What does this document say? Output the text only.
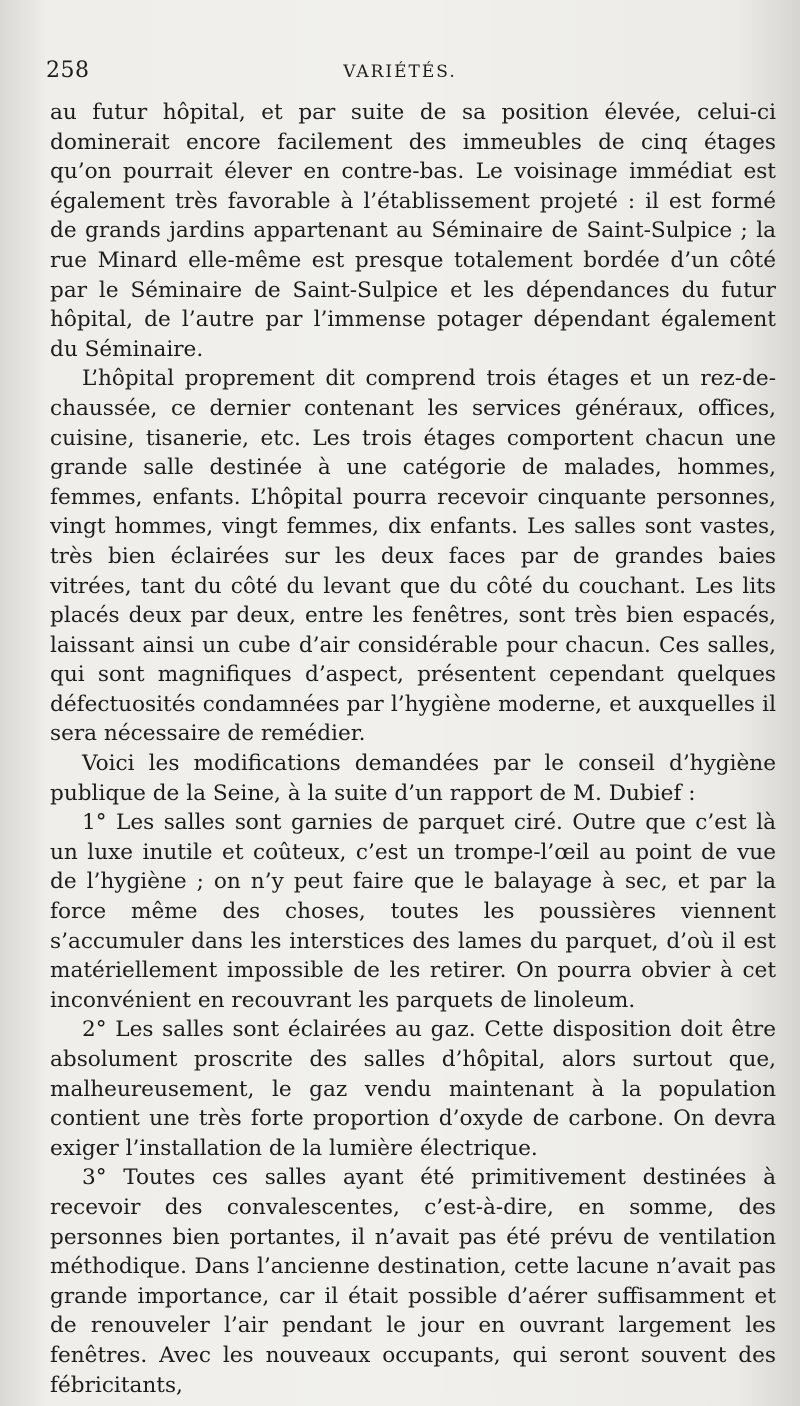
258	VARIÉTÉS.

au futur hôpital, et par suite de sa position élevée, celui-ci dominerait encore facilement des immeubles de cinq étages qu’on pourrait élever en contre-bas. Le voisinage immédiat est également très favorable à l’établissement projeté : il est formé de grands jardins appartenant au Séminaire de Saint-Sulpice ; la rue Minard elle-même est presque totalement bordée d’un côté par le Séminaire de Saint-Sulpice et les dépendances du futur hôpital, de l’autre par l’immense potager dépendant également du Séminaire.

L’hôpital proprement dit comprend trois étages et un rez-de-chaussée, ce dernier contenant les services généraux, offices, cuisine, tisanerie, etc. Les trois étages comportent chacun une grande salle destinée à une catégorie de malades, hommes, femmes, enfants. L’hôpital pourra recevoir cinquante personnes, vingt hommes, vingt femmes, dix enfants. Les salles sont vastes, très bien éclairées sur les deux faces par de grandes baies vitrées, tant du côté du levant que du côté du couchant. Les lits placés deux par deux, entre les fenêtres, sont très bien espacés, laissant ainsi un cube d’air considérable pour chacun. Ces salles, qui sont magnifiques d’aspect, présentent cependant quelques défectuosités condamnées par l’hygiène moderne, et auxquelles il sera nécessaire de remédier.

Voici les modifications demandées par le conseil d’hygiène publique de la Seine, à la suite d’un rapport de M. Dubief :

1° Les salles sont garnies de parquet ciré. Outre que c’est là un luxe inutile et coûteux, c’est un trompe-l’œil au point de vue de l’hygiène ; on n’y peut faire que le balayage à sec, et par la force même des choses, toutes les poussières viennent s’accumuler dans les interstices des lames du parquet, d’où il est matériellement impossible de les retirer. On pourra obvier à cet inconvénient en recouvrant les parquets de linoleum.

2° Les salles sont éclairées au gaz. Cette disposition doit être absolument proscrite des salles d’hôpital, alors surtout que, malheureusement, le gaz vendu maintenant à la population contient une très forte proportion d’oxyde de carbone. On devra exiger l’installation de la lumière électrique.

3° Toutes ces salles ayant été primitivement destinées à recevoir des convalescentes, c’est-à-dire, en somme, des personnes bien portantes, il n’avait pas été prévu de ventilation méthodique. Dans l’ancienne destination, cette lacune n’avait pas grande importance, car il était possible d’aérer suffisamment et de renouveler l’air pendant le jour en ouvrant largement les fenêtres. Avec les nouveaux occupants, qui seront souvent des fébricitants,
